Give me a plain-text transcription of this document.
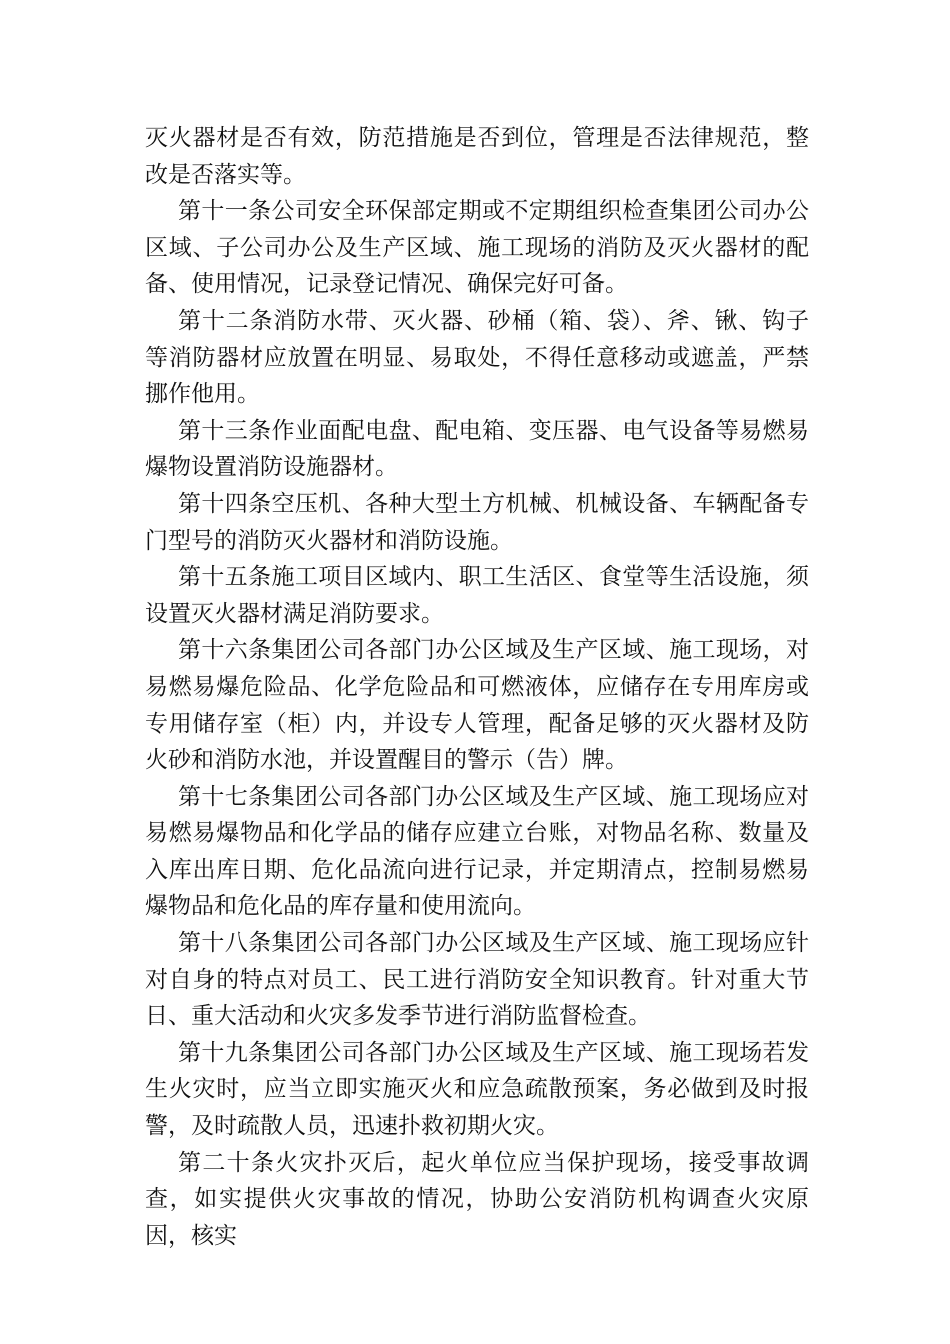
灭火器材是否有效，防范措施是否到位，管理是否法律规范，整改是否落实等。

第十一条公司安全环保部定期或不定期组织检查集团公司办公区域、子公司办公及生产区域、施工现场的消防及灭火器材的配备、使用情况，记录登记情况、确保完好可备。

第十二条消防水带、灭火器、砂桶（箱、袋）、斧、锹、钩子等消防器材应放置在明显、易取处，不得任意移动或遮盖，严禁挪作他用。

第十三条作业面配电盘、配电箱、变压器、电气设备等易燃易爆物设置消防设施器材。

第十四条空压机、各种大型土方机械、机械设备、车辆配备专门型号的消防灭火器材和消防设施。

第十五条施工项目区域内、职工生活区、食堂等生活设施，须设置灭火器材满足消防要求。

第十六条集团公司各部门办公区域及生产区域、施工现场，对易燃易爆危险品、化学危险品和可燃液体，应储存在专用库房或专用储存室（柜）内，并设专人管理，配备足够的灭火器材及防火砂和消防水池，并设置醒目的警示（告）牌。

第十七条集团公司各部门办公区域及生产区域、施工现场应对易燃易爆物品和化学品的储存应建立台账，对物品名称、数量及入库出库日期、危化品流向进行记录，并定期清点，控制易燃易爆物品和危化品的库存量和使用流向。

第十八条集团公司各部门办公区域及生产区域、施工现场应针对自身的特点对员工、民工进行消防安全知识教育。针对重大节日、重大活动和火灾多发季节进行消防监督检查。

第十九条集团公司各部门办公区域及生产区域、施工现场若发生火灾时，应当立即实施灭火和应急疏散预案，务必做到及时报警，及时疏散人员，迅速扑救初期火灾。

第二十条火灾扑灭后，起火单位应当保护现场，接受事故调查，如实提供火灾事故的情况，协助公安消防机构调查火灾原因，核实
